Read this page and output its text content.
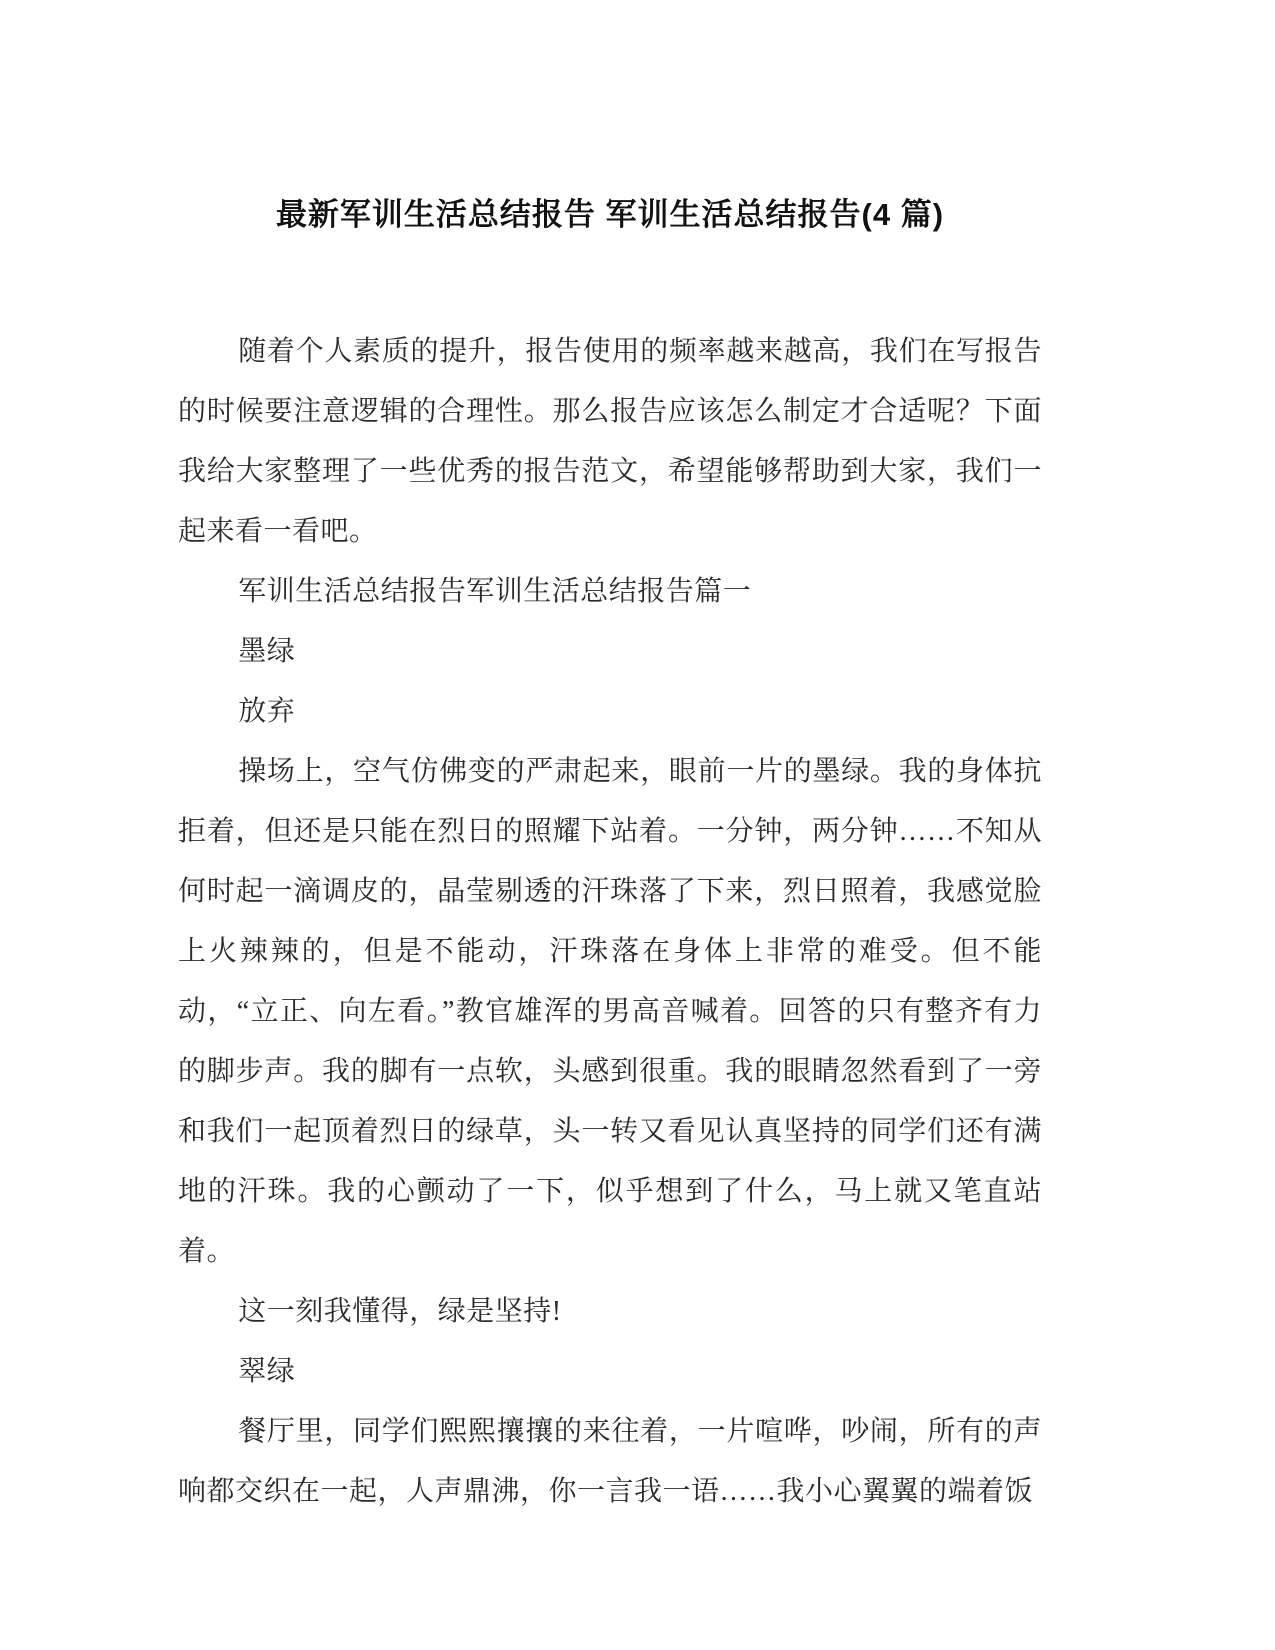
最新军训生活总结报告 军训生活总结报告(4 篇)

随着个人素质的提升，报告使用的频率越来越高，我们在写报告的时候要注意逻辑的合理性。那么报告应该怎么制定才合适呢？下面我给大家整理了一些优秀的报告范文，希望能够帮助到大家，我们一起来看一看吧。

军训生活总结报告军训生活总结报告篇一

墨绿

放弃

操场上，空气仿佛变的严肃起来，眼前一片的墨绿。我的身体抗拒着，但还是只能在烈日的照耀下站着。一分钟，两分钟……不知从何时起一滴调皮的，晶莹剔透的汗珠落了下来，烈日照着，我感觉脸上火辣辣的，但是不能动，汗珠落在身体上非常的难受。但不能动，“立正、向左看。”教官雄浑的男高音喊着。回答的只有整齐有力的脚步声。我的脚有一点软，头感到很重。我的眼睛忽然看到了一旁和我们一起顶着烈日的绿草，头一转又看见认真坚持的同学们还有满地的汗珠。我的心颤动了一下，似乎想到了什么，马上就又笔直站着。

这一刻我懂得，绿是坚持!

翠绿

餐厅里，同学们熙熙攘攘的来往着，一片喧哗，吵闹，所有的声响都交织在一起，人声鼎沸，你一言我一语……我小心翼翼的端着饭
